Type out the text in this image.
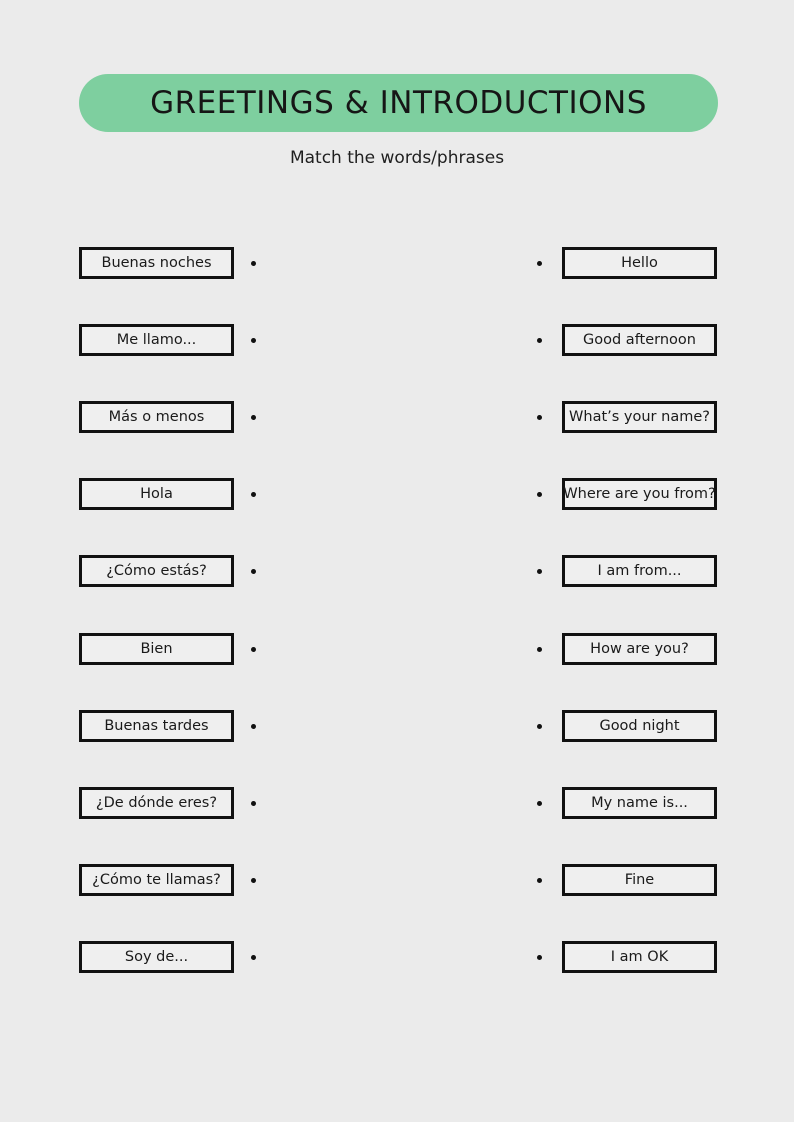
GREETINGS & INTRODUCTIONS
Match the words/phrases
Buenas noches
Me llamo...
Más o menos
Hola
¿Cómo estás?
Bien
Buenas tardes
¿De dónde eres?
¿Cómo te llamas?
Soy de...
Hello
Good afternoon
What’s your name?
Where are you from?
I am from...
How are you?
Good night
My name is...
Fine
I am OK
